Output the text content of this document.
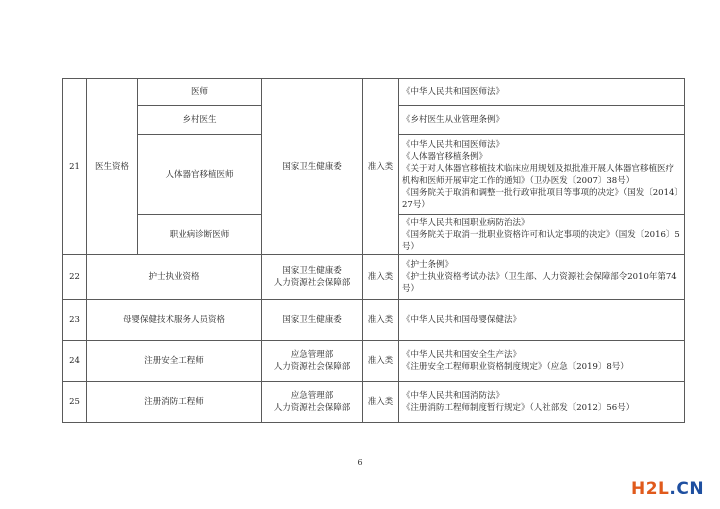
21	医生资格	医师	国家卫生健康委	准入类	《中华人民共和国医师法》

		乡村医生			《乡村医生从业管理条例》

		人体器官移植医师			《中华人民共和国医师法》
《人体器官移植条例》
《关于对人体器官移植技术临床应用规划及拟批准开展人体器官移植医疗机构和医师开展审定工作的通知》（卫办医发〔2007〕38号）
《国务院关于取消和调整一批行政审批项目等事项的决定》（国发〔2014〕27号）

		职业病诊断医师			《中华人民共和国职业病防治法》
《国务院关于取消一批职业资格许可和认定事项的决定》（国发〔2016〕5号）

22	护士执业资格		国家卫生健康委
人力资源社会保障部	准入类	《护士条例》
《护士执业资格考试办法》（卫生部、人力资源社会保障部令2010年第74号）

23	母婴保健技术服务人员资格		国家卫生健康委	准入类	《中华人民共和国母婴保健法》

24	注册安全工程师		应急管理部
人力资源社会保障部	准入类	《中华人民共和国安全生产法》
《注册安全工程师职业资格制度规定》（应急〔2019〕8号）

25	注册消防工程师		应急管理部
人力资源社会保障部	准入类	《中华人民共和国消防法》
《注册消防工程师制度暂行规定》（人社部发〔2012〕56号）
6
H2L.CN
